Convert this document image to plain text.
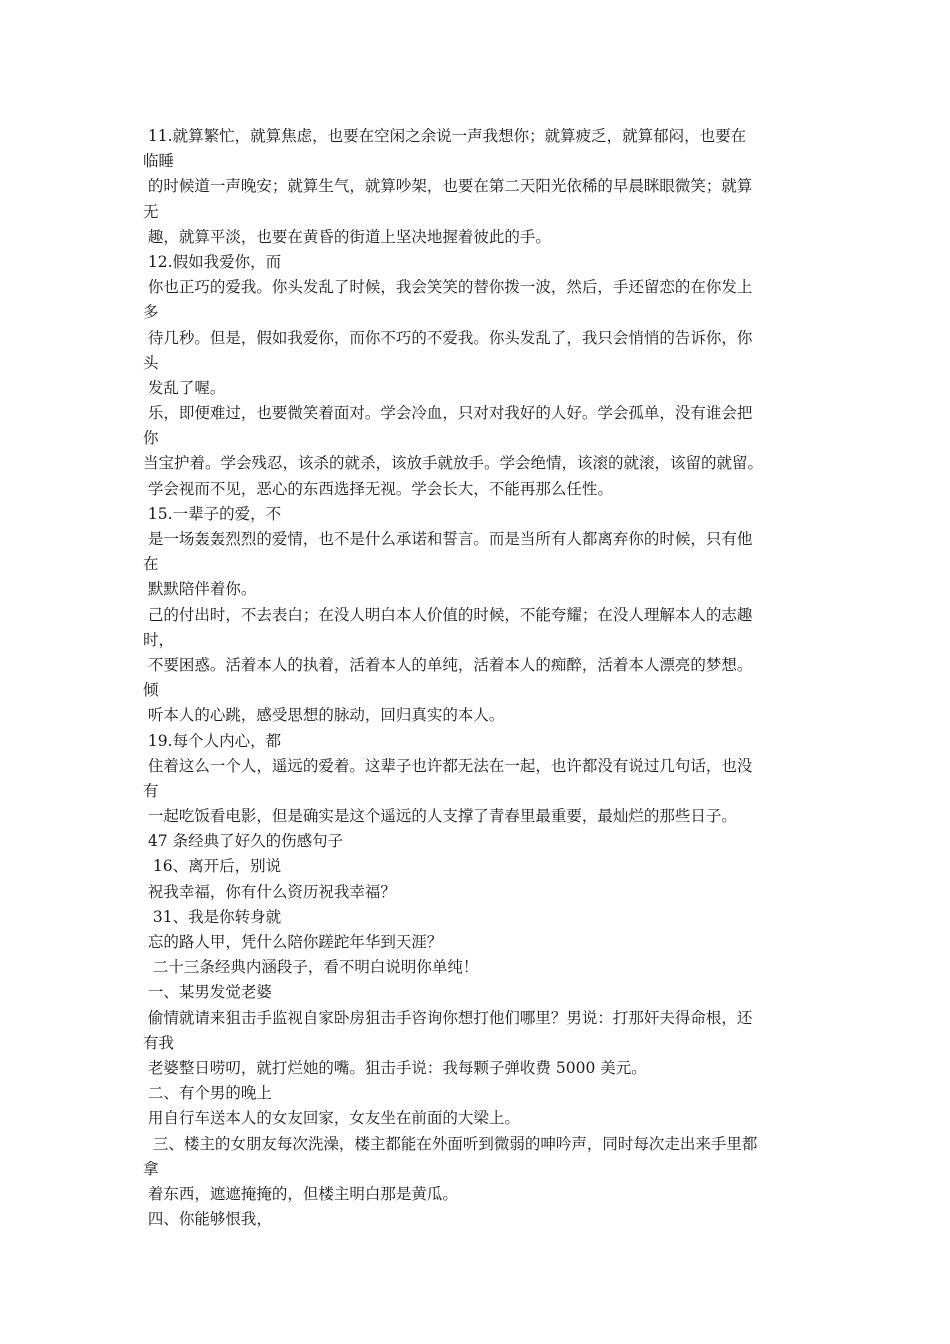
11.就算繁忙，就算焦虑，也要在空闲之余说一声我想你；就算疲乏，就算郁闷，也要在
临睡
的时候道一声晚安；就算生气，就算吵架，也要在第二天阳光依稀的早晨眯眼微笑；就算
无
趣，就算平淡，也要在黄昏的街道上坚决地握着彼此的手。
12.假如我爱你，而
你也正巧的爱我。你头发乱了时候，我会笑笑的替你拨一波，然后，手还留恋的在你发上
多
待几秒。但是，假如我爱你，而你不巧的不爱我。你头发乱了，我只会悄悄的告诉你，你
头
发乱了喔。
乐，即便难过，也要微笑着面对。学会冷血，只对对我好的人好。学会孤单，没有谁会把
你
当宝护着。学会残忍，该杀的就杀，该放手就放手。学会绝情，该滚的就滚，该留的就留。
学会视而不见，恶心的东西选择无视。学会长大，不能再那么任性。
15.一辈子的爱，不
是一场轰轰烈烈的爱情，也不是什么承诺和誓言。而是当所有人都离弃你的时候，只有他
在
默默陪伴着你。
己的付出时，不去表白；在没人明白本人价值的时候，不能夸耀；在没人理解本人的志趣
时，
不要困惑。活着本人的执着，活着本人的单纯，活着本人的痴醉，活着本人漂亮的梦想。
倾
听本人的心跳，感受思想的脉动，回归真实的本人。
19.每个人内心，都
住着这么一个人，遥远的爱着。这辈子也许都无法在一起，也许都没有说过几句话，也没
有
一起吃饭看电影，但是确实是这个遥远的人支撑了青春里最重要，最灿烂的那些日子。
47 条经典了好久的伤感句子
16、离开后，别说
祝我幸福，你有什么资历祝我幸福？
31、我是你转身就
忘的路人甲，凭什么陪你蹉跎年华到天涯？
二十三条经典内涵段子，看不明白说明你单纯！
一、某男发觉老婆
偷情就请来狙击手监视自家卧房狙击手咨询你想打他们哪里？男说：打那奸夫得命根，还
有我
老婆整日唠叨，就打烂她的嘴。狙击手说：我每颗子弹收费 5000 美元。
二、有个男的晚上
用自行车送本人的女友回家，女友坐在前面的大梁上。
三、楼主的女朋友每次洗澡，楼主都能在外面听到微弱的呻吟声，同时每次走出来手里都
拿
着东西，遮遮掩掩的，但楼主明白那是黄瓜。
四、你能够恨我，
